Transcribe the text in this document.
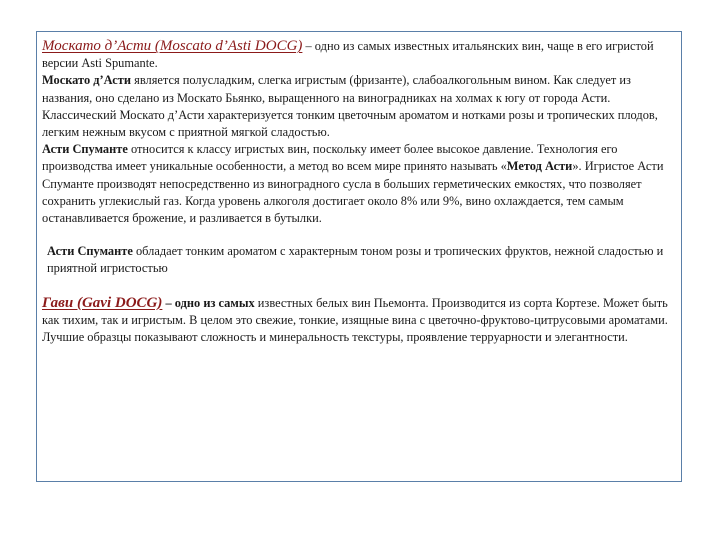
Москато д’Асти (Moscato d’Asti DOCG) – одно из самых известных итальянских вин, чаще в его игристой версии Asti Spumante.

Москато д’Асти является полусладким, слегка игристым (фризанте), слабоалкогольным вином. Как следует из названия, оно сделано из Москато Бьянко, выращенного на виноградниках на холмах к югу от города Асти. Классический Москато д’Асти характеризуется тонким цветочным ароматом и нотками розы и тропических плодов, легким нежным вкусом с приятной мягкой сладостью.

Асти Спуманте относится к классу игристых вин, поскольку имеет более высокое давление. Технология его производства имеет уникальные особенности, а метод во всем мире принято называть «Метод Асти». Игристое Асти Спуманте производят непосредственно из виноградного сусла в больших герметических емкостях, что позволяет сохранить углекислый газ. Когда уровень алкоголя достигает около 8% или 9%, вино охлаждается, тем самым останавливается брожение, и разливается в бутылки.

Асти Спуманте обладает тонким ароматом с характерным тоном розы и тропических фруктов, нежной сладостью и приятной игристостью

Гави (Gavi DOCG) – одно из самых известных белых вин Пьемонта. Производится из сорта Кортезе. Может быть как тихим, так и игристым. В целом это свежие, тонкие, изящные вина с цветочно-фруктово-цитрусовыми ароматами. Лучшие образцы показывают сложность и минеральность текстуры, проявление терруарности и элегантности.
